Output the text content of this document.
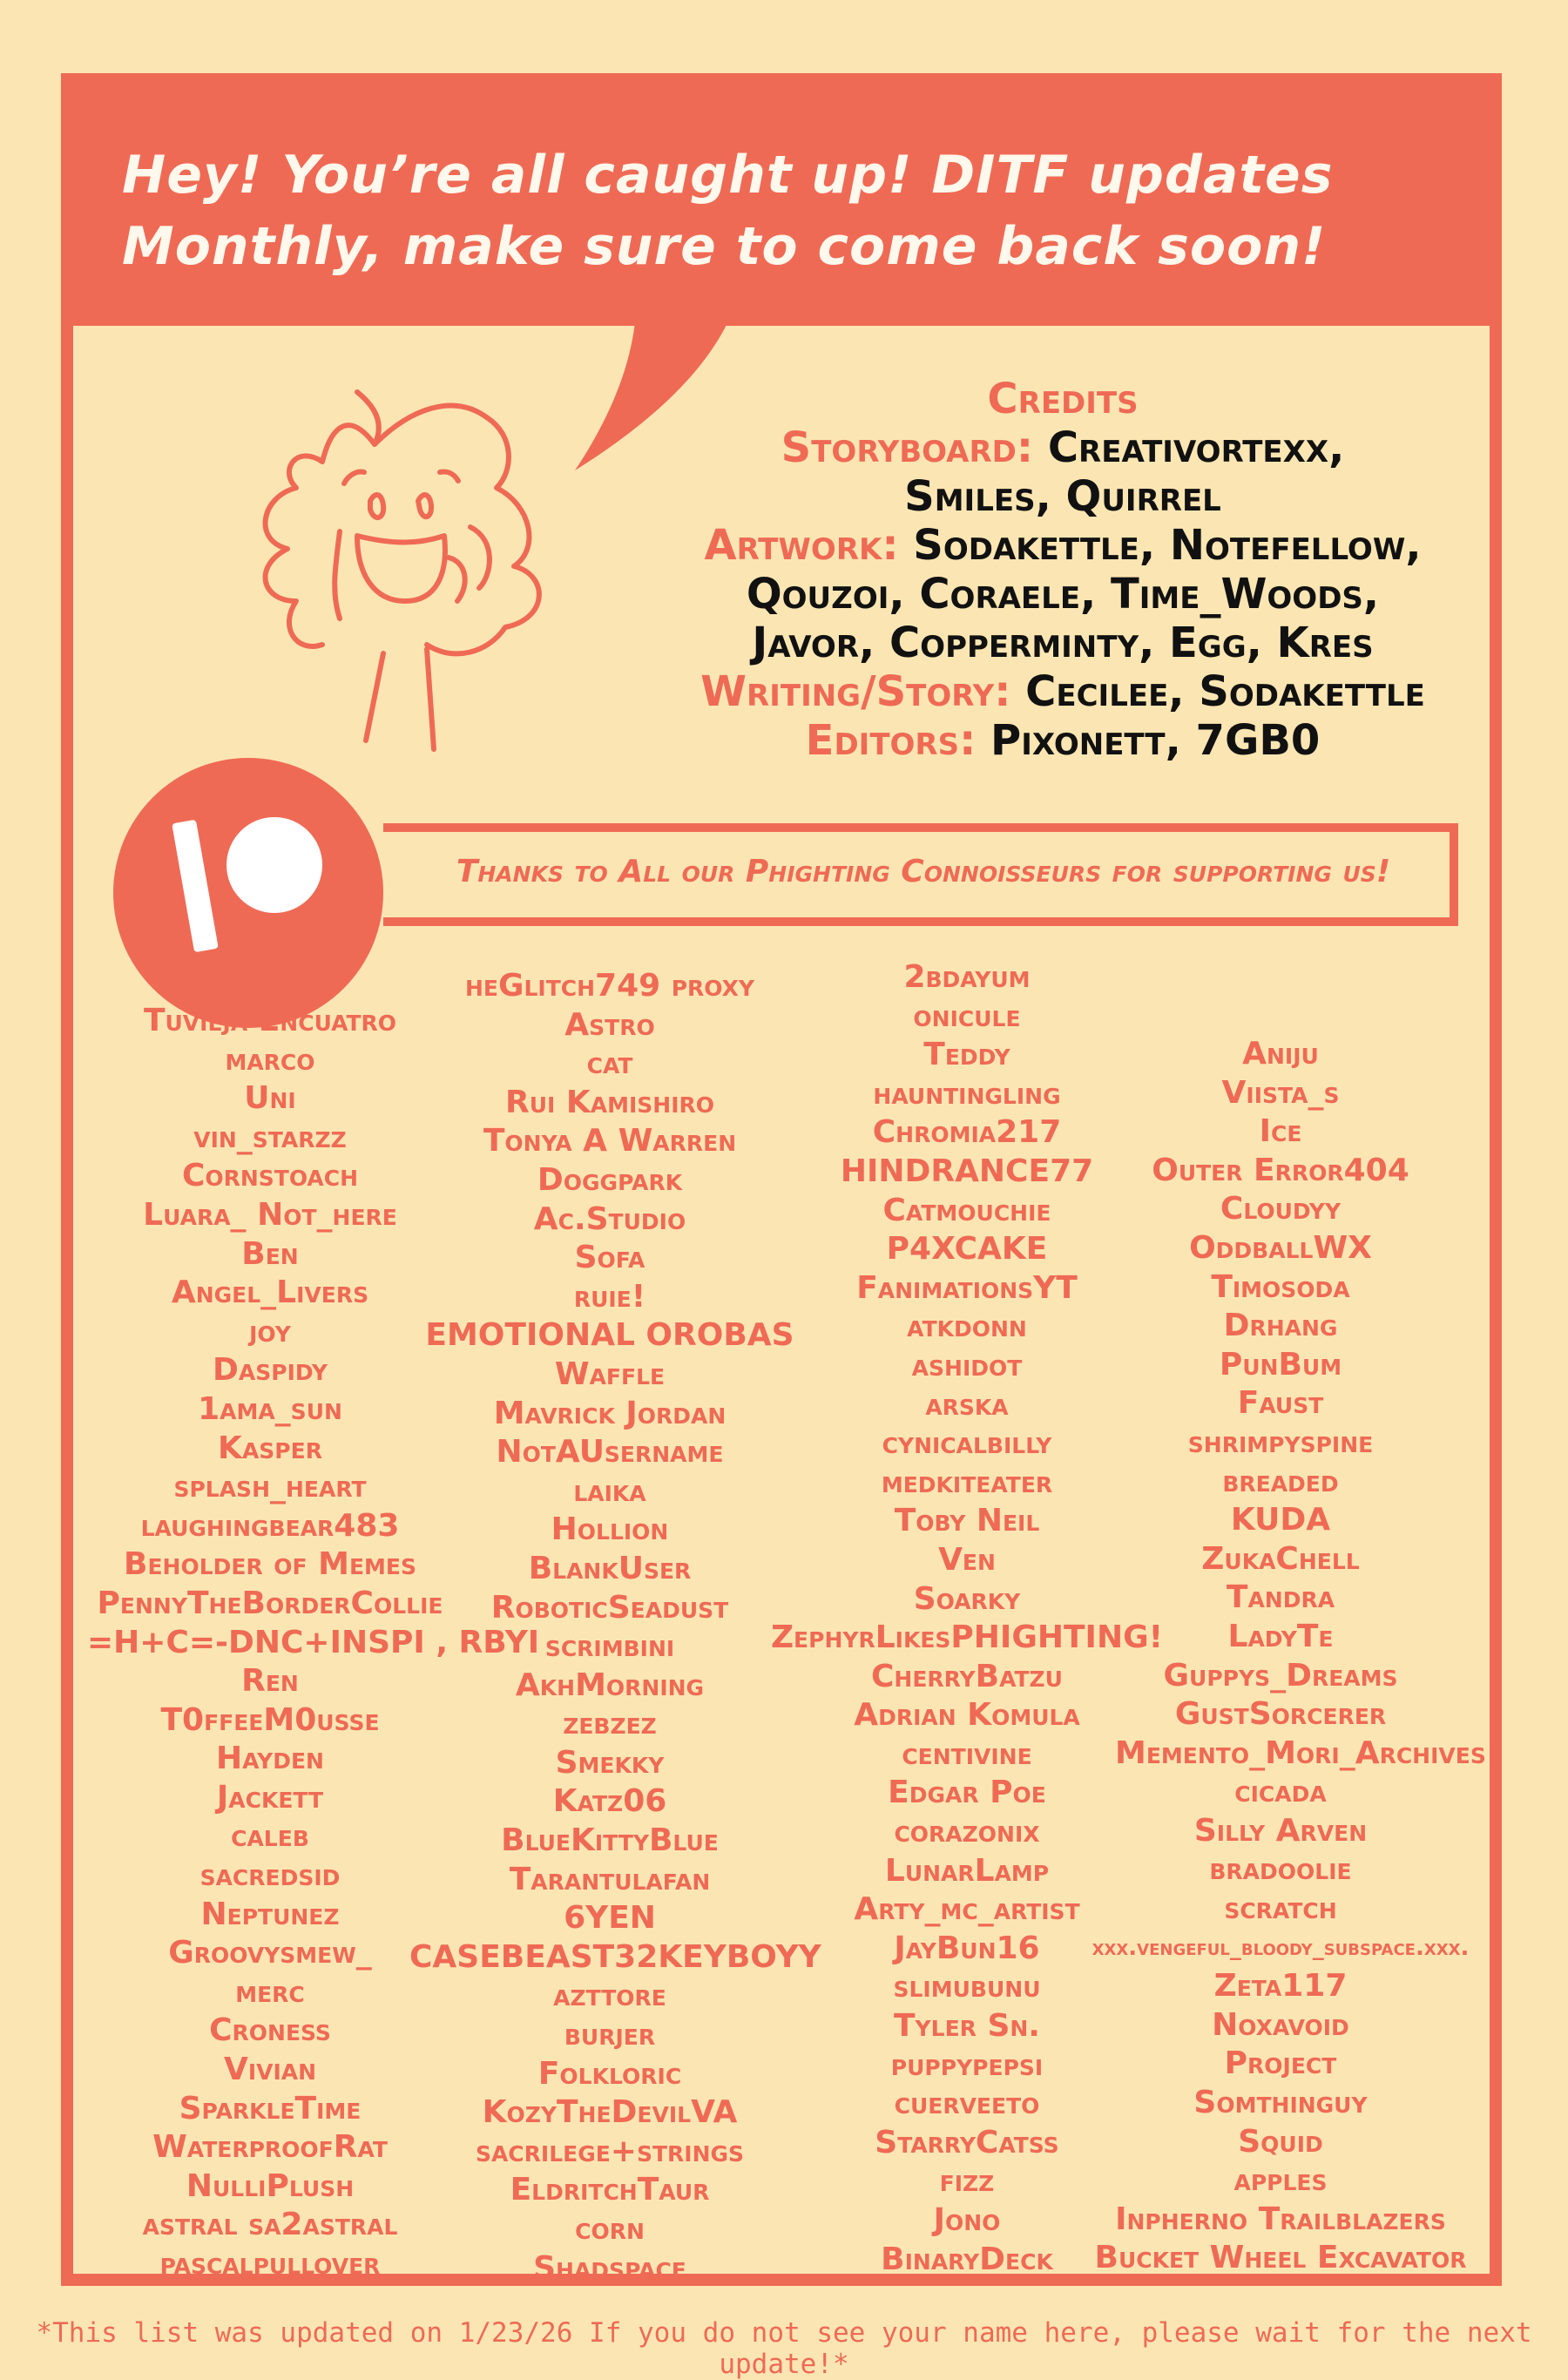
Hey! You’re all caught up! DITF updates
Monthly, make sure to come back soon!

Credits
Storyboard: Creativortexx,
Smiles, Quirrel
Artwork: Sodakettle, Notefellow,
Qouzoi, Coraele, Time_Woods,
Javor, Copperminty, Egg, Kres
Writing/Story: Cecilee, Sodakettle
Editors: Pixonett, 7GB0
Thanks to All our Phighting Connoisseurs for supporting us!
Tuvieja Encuatro
marco
Uni
vin_starzz
Cornstoach
Luara_ Not_here
Ben
Angel_Livers
joy
Daspidy
1ama_sun
Kasper
splash_heart
laughingbear483
Beholder of Memes
PennyTheBorderCollie
=H+C=-DNC+INSPI , RBYI
Ren
T0ffeeM0usse
Hayden
Jackett
caleb
sacredsid
Neptunez
Groovysmew_
merc
Croness
Vivian
SparkleTime
WaterproofRat
NulliPlush
astral sa2astral
pascalpullover
heGlitch749 proxy
Astro
cat
Rui Kamishiro
Tonya A Warren
Doggpark
Ac.Studio
Sofa
ruie!
EMOTIONAL OROBAS
Waffle
Mavrick Jordan
NotAUsername
laika
Hollion
BlankUser
RoboticSeadust
scrimbini
AkhMorning
zebzez
Smekky
Katz06
BlueKittyBlue
Tarantulafan
6YEN
CASEBEAST32KEYBOYY
azttore
burjer
Folkloric
KozyTheDevilVA
sacrilege+strings
EldritchTaur
corn
Shadspace
2bdayum
onicule
Teddy
hauntingling
Chromia217
HINDRANCE77
Catmouchie
P4XCAKE
FanimationsYT
atkdonn
ashidot
arska
cynicalbilly
medkiteater
Toby Neil
Ven
Soarky
ZephyrLikesPHIGHTING!
CherryBatzu
Adrian Komula
centivine
Edgar Poe
corazonix
LunarLamp
Arty_mc_artist
JayBun16
slimubunu
Tyler Sn.
puppypepsi
cuerveeto
StarryCatss
fizz
Jono
BinaryDeck
Aniju
Viista_s
Ice
Outer Error404
Cloudyy
OddballWX
Timosoda
Drhang
PunBum
Faust
shrimpyspine
breaded
KUDA
ZukaChell
Tandra
LadyTe
Guppys_Dreams
GustSorcerer
Memento_Mori_Archives
cicada
Silly Arven
bradoolie
scratch
xxx.vengeful_bloody_subspace.xxx.
Zeta117
Noxavoid
Project
Somthinguy
Squid
apples
Inpherno Trailblazers
Bucket Wheel Excavator
*This list was updated on 1/23/26 If you do not see your name here, please wait for the next update!*
